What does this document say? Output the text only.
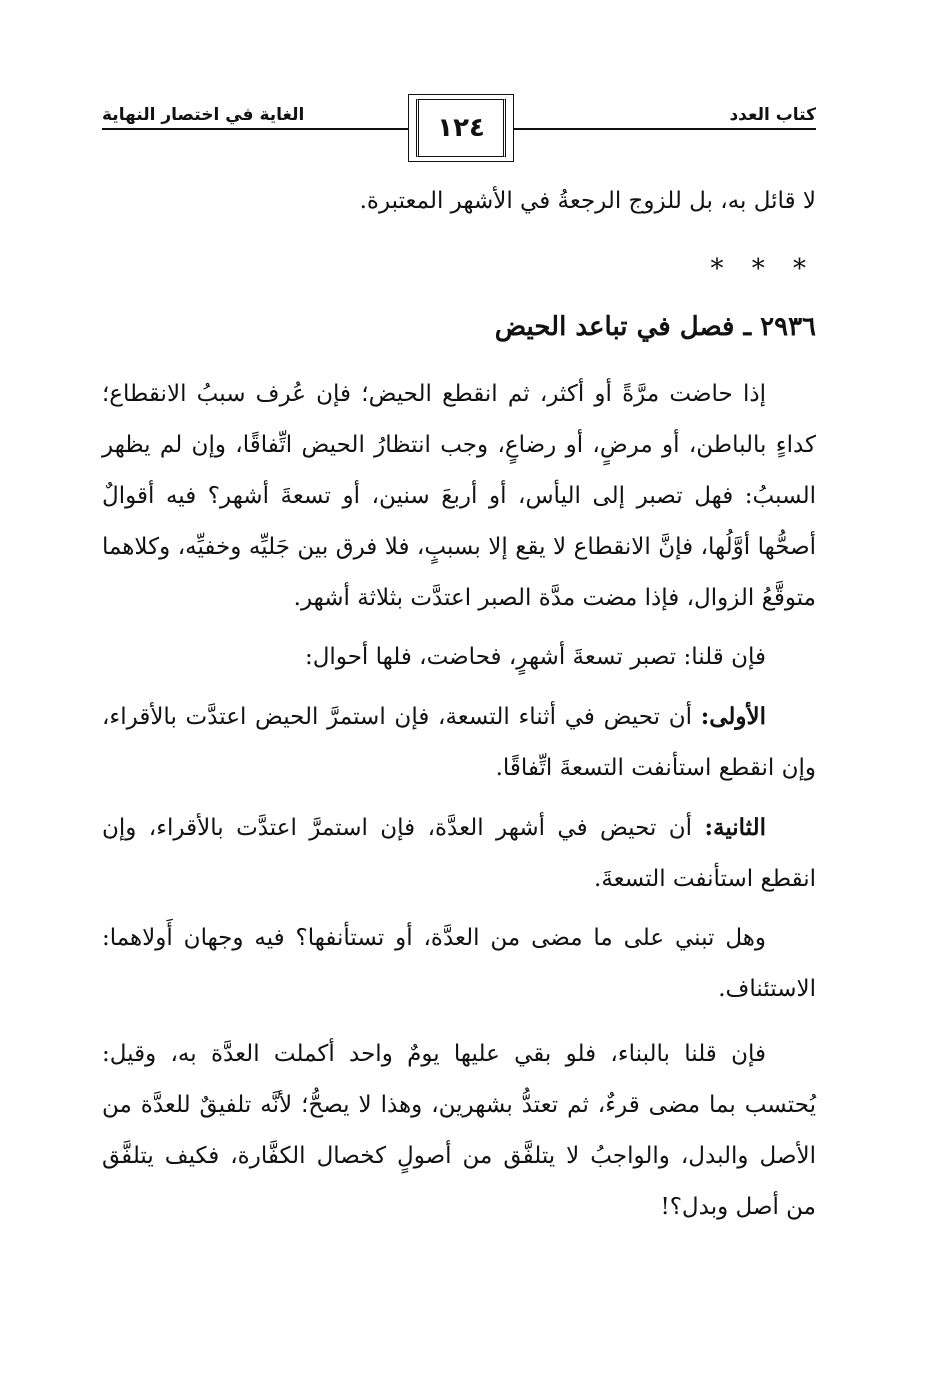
كتاب العدد
الغاية في اختصار النهاية	١٢٤

لا قائل به، بل للزوج الرجعةُ في الأشهر المعتبرة.

* * *
٢٩٣٦ ـ فصل في تباعد الحيض

إذا حاضت مرَّةً أو أكثر، ثم انقطع الحيض؛ فإن عُرف سببُ الانقطاع؛ كداءٍ بالباطن، أو مرضٍ، أو رضاعٍ، وجب انتظارُ الحيض اتِّفاقًا، وإن لم يظهر السببُ: فهل تصبر إلى اليأس، أو أربعَ سنين، أو تسعةَ أشهر؟ فيه أقوالٌ أصحُّها أوَّلُها، فإنَّ الانقطاع لا يقع إلا بسببٍ، فلا فرق بين جَليِّه وخفيِّه، وكلاهما متوقَّعُ الزوال، فإذا مضت مدَّة الصبر اعتدَّت بثلاثة أشهر.

فإن قلنا: تصبر تسعةَ أشهرٍ، فحاضت، فلها أحوال:

الأولى: أن تحيض في أثناء التسعة، فإن استمرَّ الحيض اعتدَّت بالأقراء، وإن انقطع استأنفت التسعةَ اتِّفاقًا.

الثانية: أن تحيض في أشهر العدَّة، فإن استمرَّ اعتدَّت بالأقراء، وإن انقطع استأنفت التسعةَ.

وهل تبني على ما مضى من العدَّة، أو تستأنفها؟ فيه وجهان أَولاهما: الاستئناف.

فإن قلنا بالبناء، فلو بقي عليها يومٌ واحد أكملت العدَّة به، وقيل: يُحتسب بما مضى قرءٌ، ثم تعتدُّ بشهرين، وهذا لا يصحُّ؛ لأنَّه تلفيقٌ للعدَّة من الأصل والبدل، والواجبُ لا يتلفَّق من أصولٍ كخصال الكفَّارة، فكيف يتلفَّق من أصل وبدل؟!
